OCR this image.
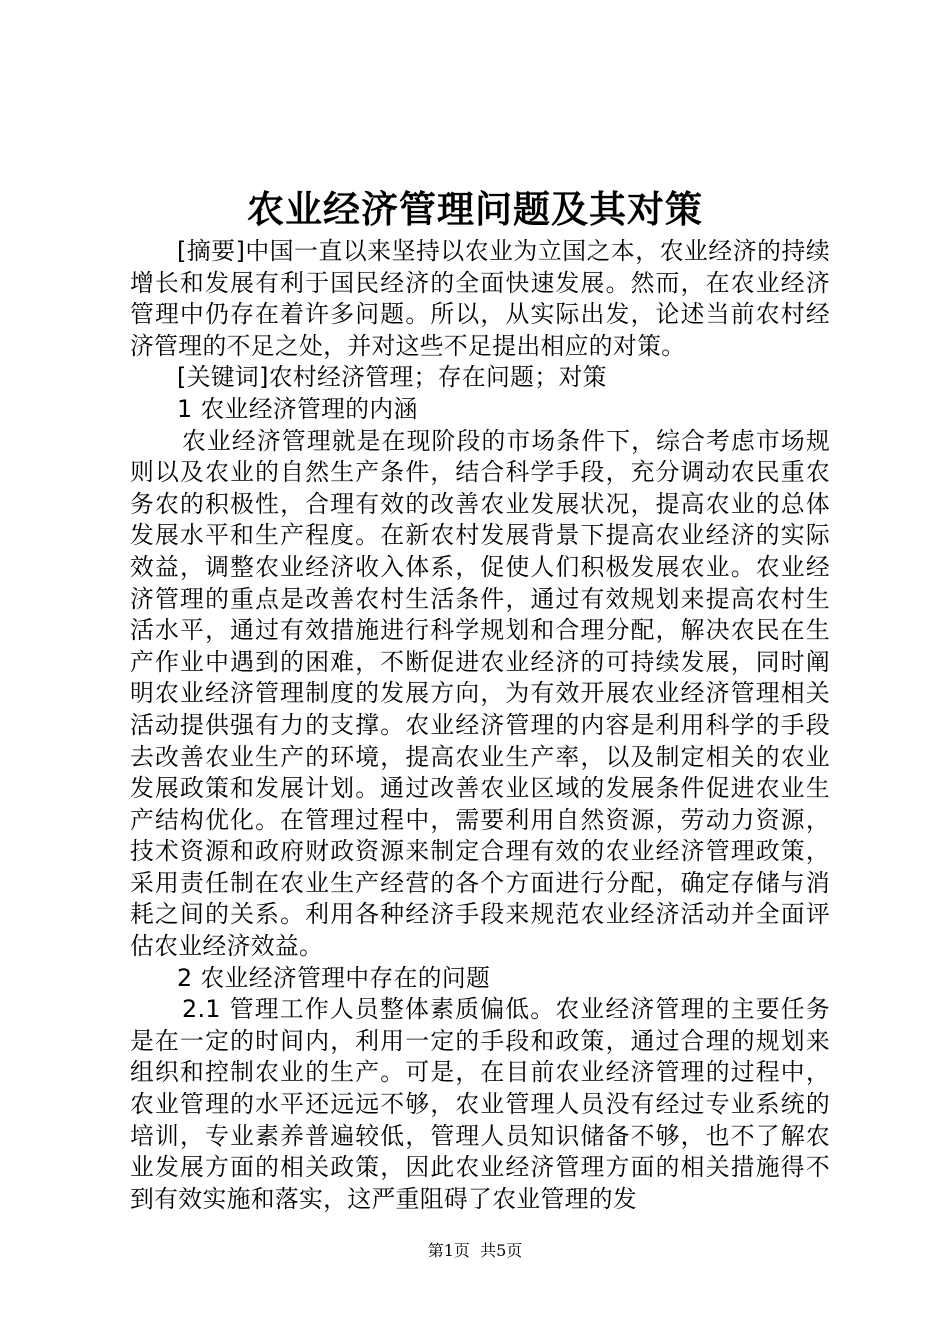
农业经济管理问题及其对策

[摘要]中国一直以来坚持以农业为立国之本，农业经济的持续增长和发展有利于国民经济的全面快速发展。然而，在农业经济管理中仍存在着许多问题。所以，从实际出发，论述当前农村经济管理的不足之处，并对这些不足提出相应的对策。

[关键词]农村经济管理；存在问题；对策

1 农业经济管理的内涵

农业经济管理就是在现阶段的市场条件下，综合考虑市场规则以及农业的自然生产条件，结合科学手段，充分调动农民重农务农的积极性，合理有效的改善农业发展状况，提高农业的总体发展水平和生产程度。在新农村发展背景下提高农业经济的实际效益，调整农业经济收入体系，促使人们积极发展农业。农业经济管理的重点是改善农村生活条件，通过有效规划来提高农村生活水平，通过有效措施进行科学规划和合理分配，解决农民在生产作业中遇到的困难，不断促进农业经济的可持续发展，同时阐明农业经济管理制度的发展方向，为有效开展农业经济管理相关活动提供强有力的支撑。农业经济管理的内容是利用科学的手段去改善农业生产的环境，提高农业生产率，以及制定相关的农业发展政策和发展计划。通过改善农业区域的发展条件促进农业生产结构优化。在管理过程中，需要利用自然资源，劳动力资源，技术资源和政府财政资源来制定合理有效的农业经济管理政策，采用责任制在农业生产经营的各个方面进行分配，确定存储与消耗之间的关系。利用各种经济手段来规范农业经济活动并全面评估农业经济效益。

2 农业经济管理中存在的问题

2.1 管理工作人员整体素质偏低。农业经济管理的主要任务是在一定的时间内，利用一定的手段和政策，通过合理的规划来组织和控制农业的生产。可是，在目前农业经济管理的过程中，农业管理的水平还远远不够，农业管理人员没有经过专业系统的培训，专业素养普遍较低，管理人员知识储备不够，也不了解农业发展方面的相关政策，因此农业经济管理方面的相关措施得不到有效实施和落实，这严重阻碍了农业管理的发

第1页 共5页
